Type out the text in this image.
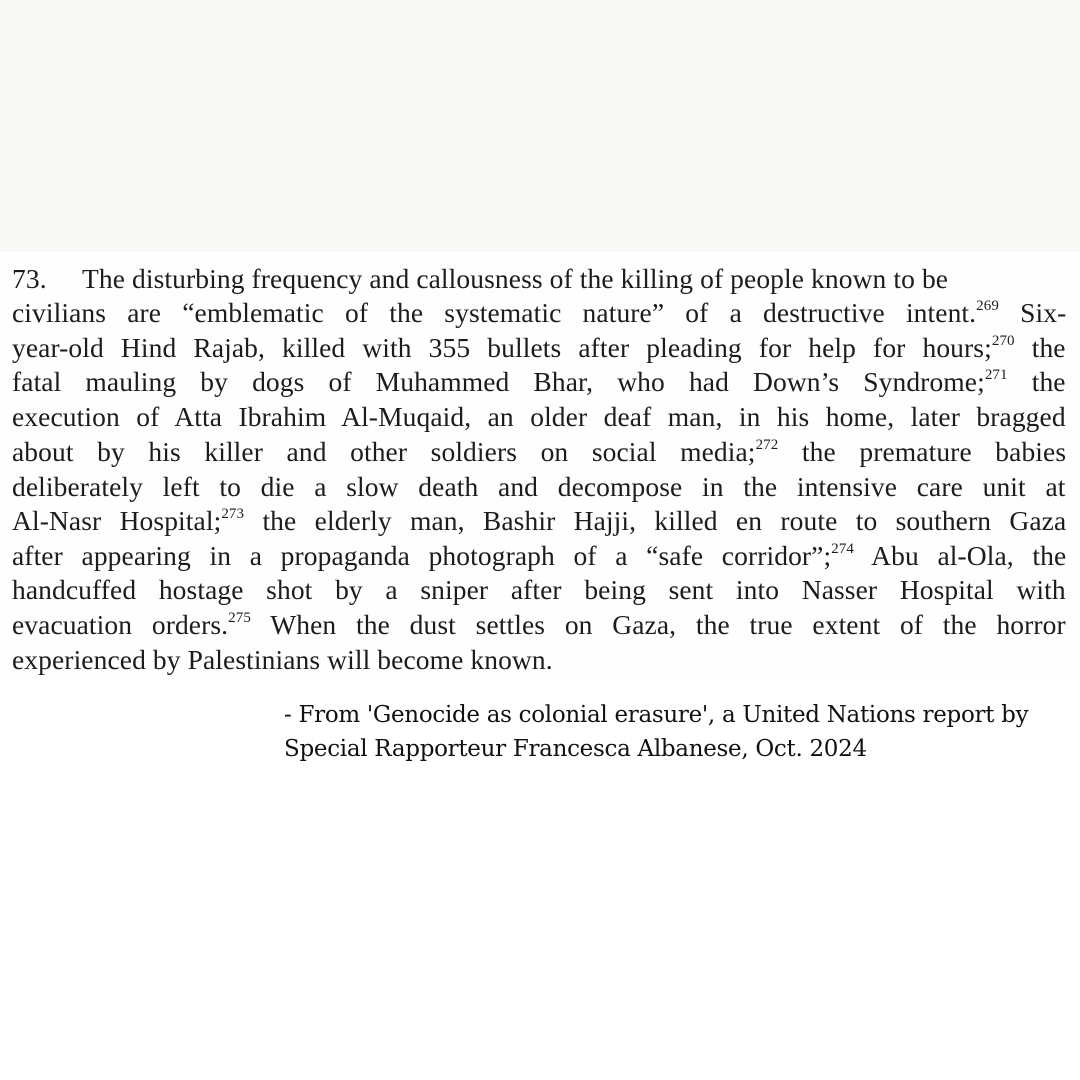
73. The disturbing frequency and callousness of the killing of people known to be
civilians are “emblematic of the systematic nature” of a destructive intent.$^{269}$ Six-
year-old Hind Rajab, killed with 355 bullets after pleading for help for hours;$^{270}$ the
fatal mauling by dogs of Muhammed Bhar, who had Down’s Syndrome;$^{271}$ the
execution of Atta Ibrahim Al-Muqaid, an older deaf man, in his home, later bragged
about by his killer and other soldiers on social media;$^{272}$ the premature babies
deliberately left to die a slow death and decompose in the intensive care unit at
Al-Nasr Hospital;$^{273}$ the elderly man, Bashir Hajji, killed en route to southern Gaza
after appearing in a propaganda photograph of a “safe corridor”;$^{274}$ Abu al-Ola, the
handcuffed hostage shot by a sniper after being sent into Nasser Hospital with
evacuation orders.$^{275}$ When the dust settles on Gaza, the true extent of the horror
experienced by Palestinians will become known.
- From 'Genocide as colonial erasure', a United Nations report by
Special Rapporteur Francesca Albanese, Oct. 2024
